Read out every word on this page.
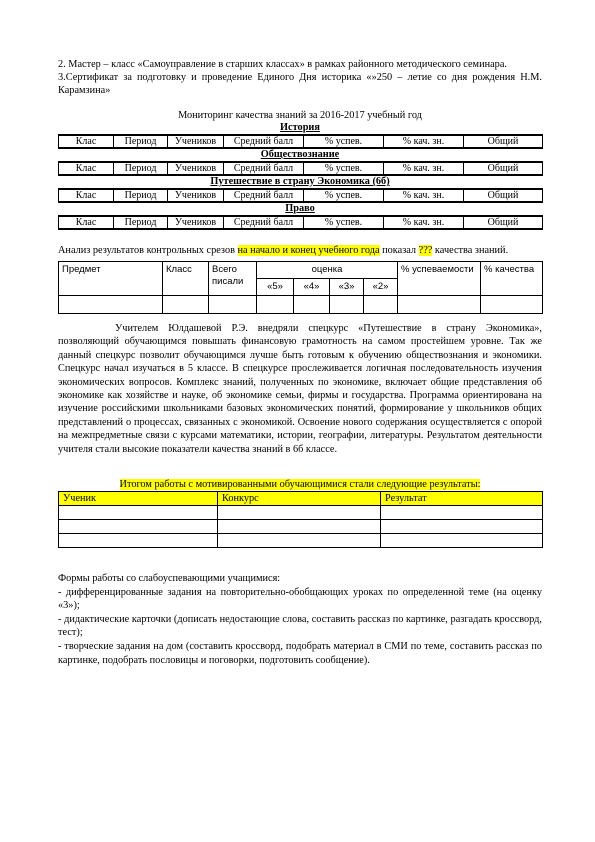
2. Мастер – класс «Самоуправление в старших классах» в рамках районного методического семинара.

3.Сертификат за подготовку и проведение Единого Дня историка «»250 – летие со дня рождения Н.М. Карамзина»

Мониторинг качества знаний за 2016-2017 учебный год

История
Клас	Период	Учеников	Средний балл	% успев.	% кач. зн.	Общий
Обществознание
Клас	Период	Учеников	Средний балл	% успев.	% кач. зн.	Общий
Путешествие в страну Экономика (6б)
Клас	Период	Учеников	Средний балл	% успев.	% кач. зн.	Общий
Право
Клас	Период	Учеников	Средний балл	% успев.	% кач. зн.	Общий

Анализ результатов контрольных срезов на начало и конец учебного года показал ??? качества знаний.

Предмет	Класс	Всего писали	оценка				% успеваемости	% качества
			«5»	«4»	«3»	«2»		

Учителем Юлдашевой Р.Э. внедряли спецкурс «Путешествие в страну Экономика», позволяющий обучающимся повышать финансовую грамотность на самом простейшем уровне. Так же данный спецкурс позволит обучающимся лучше быть готовым к обучению обществознания и экономики. Спецкурс начал изучаться в 5 классе. В спецкурсе прослеживается логичная последовательность изучения экономических вопросов. Комплекс знаний, полученных по экономике, включает общие представления об экономике как хозяйстве и науке, об экономике семьи, фирмы и государства. Программа ориентирована на изучение российскими школьниками базовых экономических понятий, формирование у школьников общих представлений о процессах, связанных с экономикой. Освоение нового содержания осуществляется с опорой на межпредметные связи с курсами математики, истории, географии, литературы. Результатом деятельности учителя стали высокие показатели качества знаний в 6б классе.

Итогом работы с мотивированными обучающимися стали следующие результаты:

Ученик	Конкурс	Результат

Формы работы со слабоуспевающими учащимися:

- дифференцированные задания на повторительно-обобщающих уроках по определенной теме (на оценку «3»);

- дидактические карточки (дописать недостающие слова, составить рассказ по картинке, разгадать кроссворд, тест);

- творческие задания на дом (составить кроссворд, подобрать материал в СМИ по теме, составить рассказ по картинке, подобрать пословицы и поговорки, подготовить сообщение).
